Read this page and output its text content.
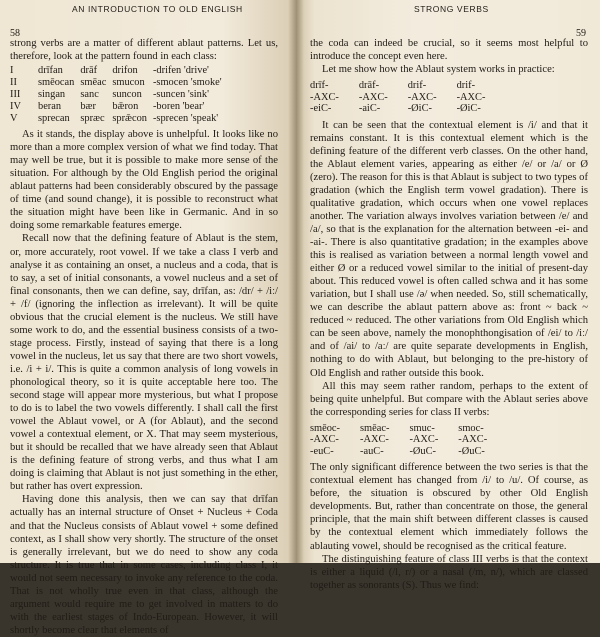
AN INTRODUCTION TO OLD ENGLISH
58

strong verbs are a matter of different ablaut patterns. Let us, therefore, look at the pattern found in each class:

I	drīfan	drāf	drifon	-drifen 'drive'
II	smēocan	smēac	smucon	-smocen 'smoke'
III	singan	sanc	suncon	-suncen 'sink'
IV	beran	bær	bǣron	-boren 'bear'
V	sprecan	spræc	sprǣcon	-sprecen 'speak'

As it stands, the display above is unhelpful. It looks like no more than a more complex version of what we find today. That may well be true, but it is possible to make more sense of the situation. For although by the Old English period the original ablaut patterns had been considerably obscured by the passage of time (and sound change), it is possible to reconstruct what the situation might have been like in Germanic. And in so doing some remarkable features emerge.

Recall now that the defining feature of Ablaut is the stem, or, more accurately, root vowel. If we take a class I verb and analyse it as containing an onset, a nucleus and a coda, that is to say, a set of initial consonants, a vowel nucleus and a set of final consonants, then we can define, say, drīfan, as: /dr/ + /iː/ + /f/ (ignoring the inflection as irrelevant). It will be quite obvious that the crucial element is the nucleus. We still have some work to do, and the essential business consists of a two-stage process. Firstly, instead of saying that there is a long vowel in the nucleus, let us say that there are two short vowels, i.e. /i + i/. This is quite a common analysis of long vowels in phonological theory, so it is quite acceptable here too. The second stage will appear more mysterious, but what I propose to do is to label the two vowels differently. I shall call the first vowel the Ablaut vowel, or A (for Ablaut), and the second vowel a contextual element, or X. That may seem mysterious, but it should be recalled that we have already seen that Ablaut is the defining feature of strong verbs, and thus what I am doing is claiming that Ablaut is not just something in the ether, but rather has overt expression.

Having done this analysis, then we can say that drīfan actually has an internal structure of Onset + Nucleus + Coda and that the Nucleus consists of Ablaut vowel + some defined context, as I shall show very shortly. The structure of the onset is generally irrelevant, but we do need to show any coda structure. It is true that in some cases, including class I, it would not seem necessary to invoke any reference to the coda. That is not wholly true even in that class, although the argument would require me to get involved in matters to do with the earliest stages of Indo-European. However, it will shortly become clear that elements of

STRONG VERBS
59

the coda can indeed be crucial, so it seems most helpful to introduce the concept even here.

Let me show how the Ablaut system works in practice:

drīf-	drāf-	drif-	drif-
-AXC-	-AXC-	-AXC-	-AXC-
-eiC-	-aiC-	-ØiC-	-ØiC-

It can be seen that the contextual element is /i/ and that it remains constant. It is this contextual element which is the defining feature of the different verb classes. On the other hand, the Ablaut element varies, appearing as either /e/ or /a/ or Ø (zero). The reason for this is that Ablaut is subject to two types of gradation (which the English term vowel gradation). There is qualitative gradation, which occurs when one vowel replaces another. The variation always involves variation between /e/ and /a/, so that is the explanation for the alternation between -ei- and -ai-. There is also quantitative gradation; in the examples above this is realised as variation between a normal length vowel and either Ø or a reduced vowel similar to the initial of present-day about. This reduced vowel is often called schwa and it has some variation, but I shall use /ə/ when needed. So, still schematically, we can describe the ablaut pattern above as: front ~ back ~ reduced ~ reduced. The other variations from Old English which can be seen above, namely the monophthongisation of /ei/ to /iː/ and of /ai/ to /aː/ are quite separate developments in English, nothing to do with Ablaut, but belonging to the pre-history of Old English and rather outside this book.

All this may seem rather random, perhaps to the extent of being quite unhelpful. But compare with the Ablaut series above the corresponding series for class II verbs:

smēoc-	smēac-	smuc-	smoc-
-AXC-	-AXC-	-AXC-	-AXC-
-euC-	-auC-	-ØuC-	-ØuC-

The only significant difference between the two series is that the contextual element has changed from /i/ to /u/. Of course, as before, the situation is obscured by other Old English developments. But, rather than concentrate on those, the general principle, that the main shift between different classes is caused by the contextual element which immediately follows the ablauting vowel, should be recognised as the critical feature.

The distinguishing feature of class III verbs is that the context is either a liquid (/l, r/) or a nasal (/m, n/), which are classed together as sonorants (S). Thus we find:
